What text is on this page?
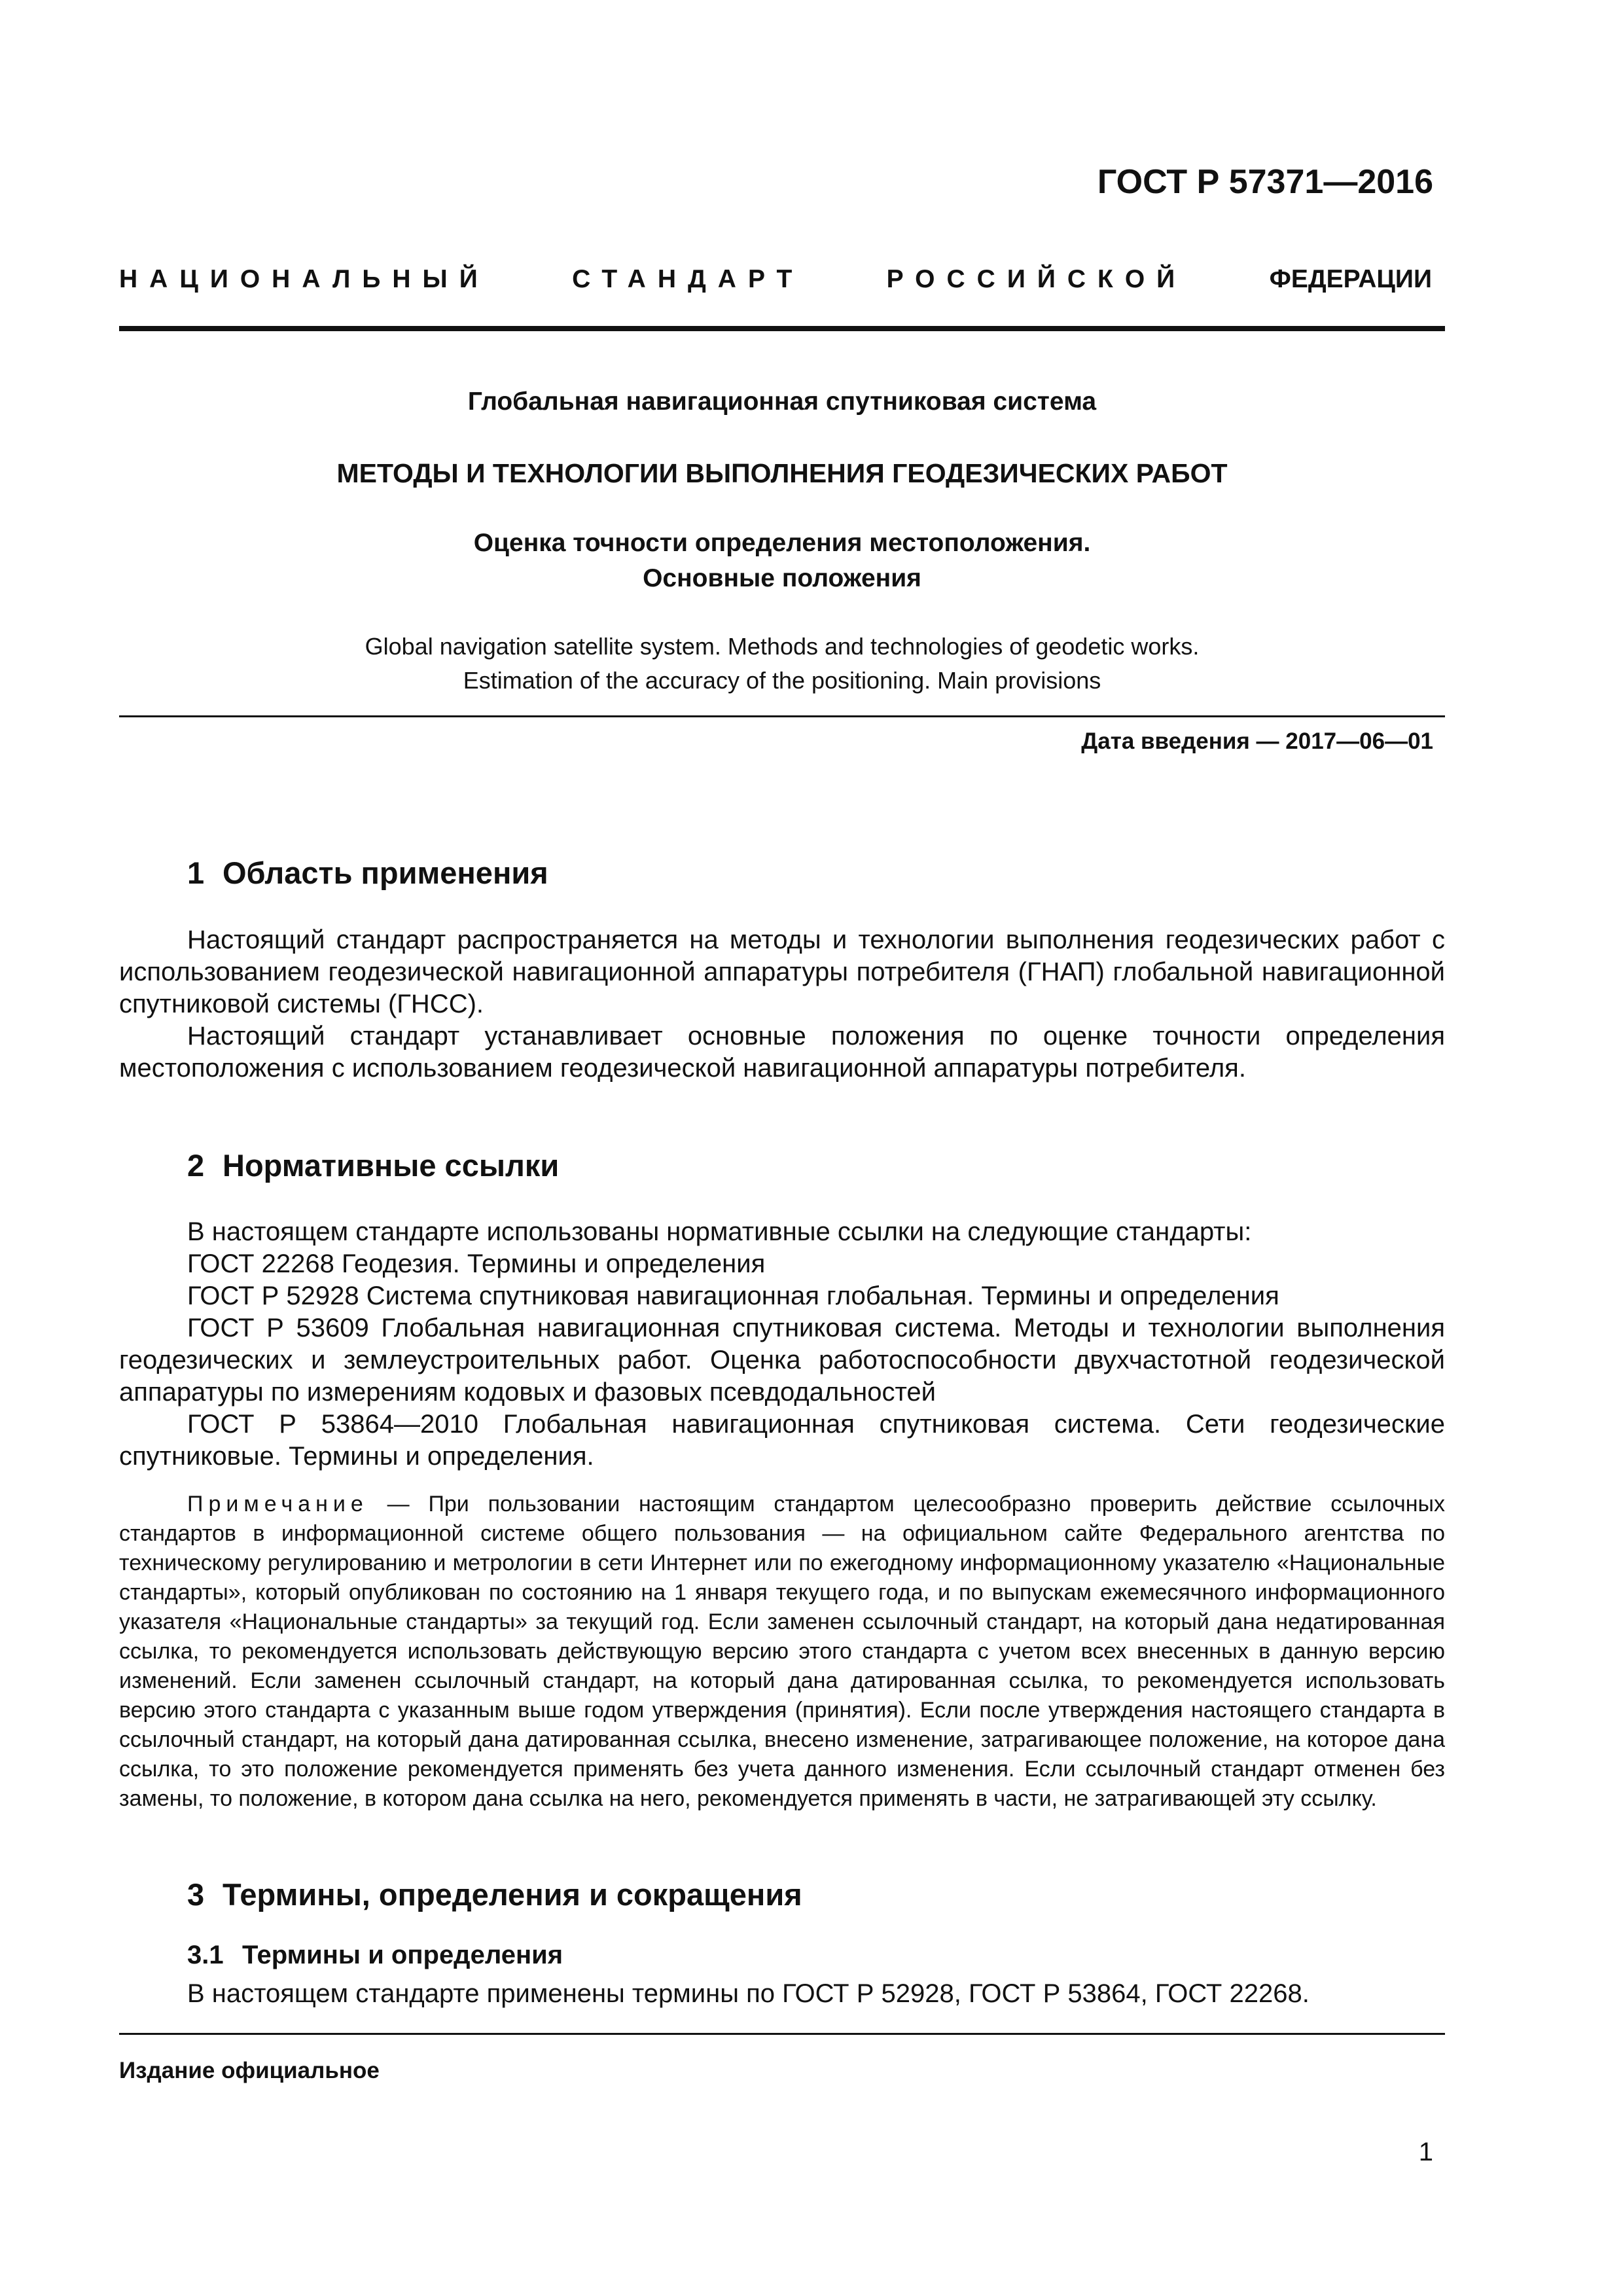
ГОСТ Р 57371—2016
НАЦИОНАЛЬНЫЙ	СТАНДАРТ	РОССИЙСКОЙ	ФЕДЕРАЦИИ
Глобальная навигационная спутниковая система
МЕТОДЫ И ТЕХНОЛОГИИ ВЫПОЛНЕНИЯ ГЕОДЕЗИЧЕСКИХ РАБОТ
Оценка точности определения местоположения.
Основные положения
Global navigation satellite system. Methods and technologies of geodetic works.
Estimation of the accuracy of the positioning. Main provisions
Дата введения — 2017—06—01
1 Область применения

Настоящий стандарт распространяется на методы и технологии выполнения геодезических работ с использованием геодезической навигационной аппаратуры потребителя (ГНАП) глобальной навигационной спутниковой системы (ГНСС).

Настоящий стандарт устанавливает основные положения по оценке точности определения местоположения с использованием геодезической навигационной аппаратуры потребителя.

2 Нормативные ссылки

В настоящем стандарте использованы нормативные ссылки на следующие стандарты:

ГОСТ 22268 Геодезия. Термины и определения

ГОСТ Р 52928 Система спутниковая навигационная глобальная. Термины и определения

ГОСТ Р 53609 Глобальная навигационная спутниковая система. Методы и технологии выполнения геодезических и землеустроительных работ. Оценка работоспособности двухчастотной геодезической аппаратуры по измерениям кодовых и фазовых псевдодальностей

ГОСТ Р 53864—2010 Глобальная навигационная спутниковая система. Сети геодезические спутниковые. Термины и определения.

Примечание — При пользовании настоящим стандартом целесообразно проверить действие ссылочных стандартов в информационной системе общего пользования — на официальном сайте Федерального агентства по техническому регулированию и метрологии в сети Интернет или по ежегодному информационному указателю «Национальные стандарты», который опубликован по состоянию на 1 января текущего года, и по выпускам ежемесячного информационного указателя «Национальные стандарты» за текущий год. Если заменен ссылочный стандарт, на который дана недатированная ссылка, то рекомендуется использовать действующую версию этого стандарта с учетом всех внесенных в данную версию изменений. Если заменен ссылочный стандарт, на который дана датированная ссылка, то рекомендуется использовать версию этого стандарта с указанным выше годом утверждения (принятия). Если после утверждения настоящего стандарта в ссылочный стандарт, на который дана датированная ссылка, внесено изменение, затрагивающее положение, на которое дана ссылка, то это положение рекомендуется применять без учета данного изменения. Если ссылочный стандарт отменен без замены, то положение, в котором дана ссылка на него, рекомендуется применять в части, не затрагивающей эту ссылку.
3 Термины, определения и сокращения
3.1 Термины и определения

В настоящем стандарте применены термины по ГОСТ Р 52928, ГОСТ Р 53864, ГОСТ 22268.

Издание официальное
1
